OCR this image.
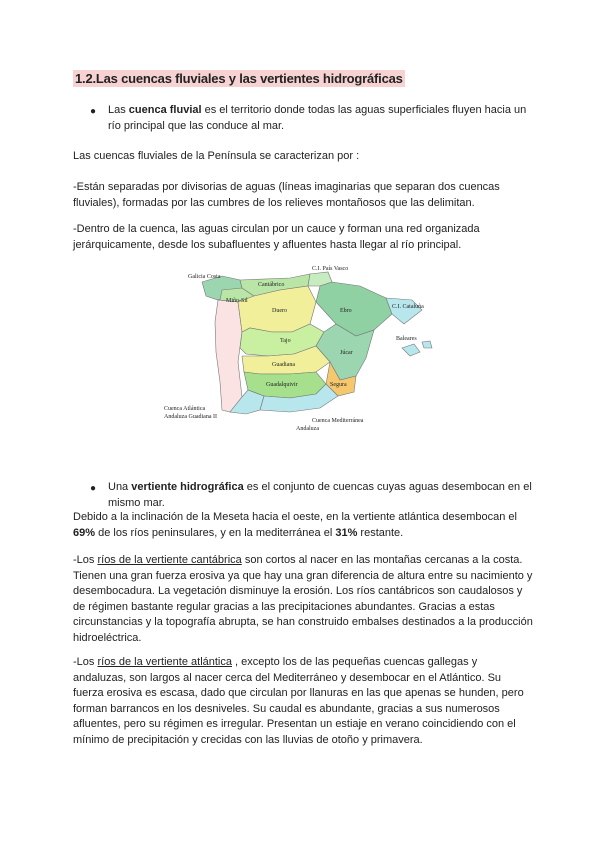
1.2.Las cuencas fluviales y las vertientes hidrográficas
● Las cuenca fluvial es el territorio donde todas las aguas superficiales fluyen hacia un río principal que las conduce al mar.
Las cuencas fluviales de la Península se caracterizan por :
-Están separadas por divisorias de aguas (líneas imaginarias que separan dos cuencas fluviales), formadas por las cumbres de los relieves montañosos que las delimitan.
-Dentro de la cuenca, las aguas circulan por un cauce y forman una red organizada jerárquicamente, desde los subafluentes y afluentes hasta llegar al río principal.
Galicia Costa
Cantábrico
Miño-Sil
C.I. País Vasco
Duero	Ebro
C.I. Cataluña
Baleares
Tajo
Júcar
Guadiana
Segura
Guadalquivir
Cuenca Atlántica
Andaluza Guadiana II
Cuenca Mediterránea
Andaluza
● Una vertiente hidrográfica es el conjunto de cuencas cuyas aguas desembocan en el mismo mar.
Debido a la inclinación de la Meseta hacia el oeste, en la vertiente atlántica desembocan el 69% de los ríos peninsulares, y en la mediterránea el 31% restante.
-Los ríos de la vertiente cantábrica son cortos al nacer en las montañas cercanas a la costa. Tienen una gran fuerza erosiva ya que hay una gran diferencia de altura entre su nacimiento y desembocadura. La vegetación disminuye la erosión. Los ríos cantábricos son caudalosos y de régimen bastante regular gracias a las precipitaciones abundantes. Gracias a estas circunstancias y la topografía abrupta, se han construido embalses destinados a la producción hidroeléctrica.
-Los ríos de la vertiente atlántica , excepto los de las pequeñas cuencas gallegas y andaluzas, son largos al nacer cerca del Mediterráneo y desembocar en el Atlántico. Su fuerza erosiva es escasa, dado que circulan por llanuras en las que apenas se hunden, pero forman barrancos en los desniveles. Su caudal es abundante, gracias a sus numerosos afluentes, pero su régimen es irregular. Presentan un estiaje en verano coincidiendo con el mínimo de precipitación y crecidas con las lluvias de otoño y primavera.
